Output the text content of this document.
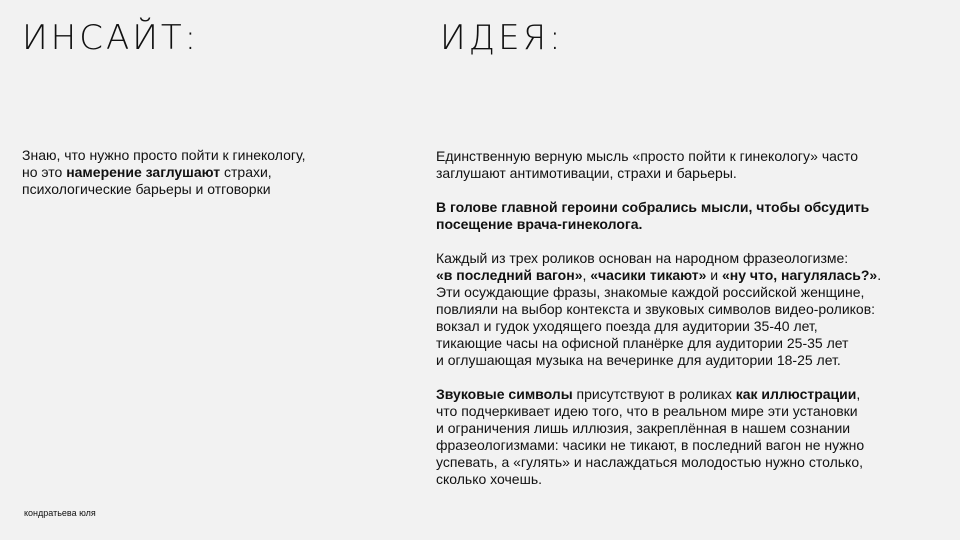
ИНСАЙТ:	ИДЕЯ:
Знаю, что нужно просто пойти к гинекологу,
но это намерение заглушают страхи,
психологические барьеры и отговорки

Единственную верную мысль «просто пойти к гинекологу» часто
заглушают антимотивации, страхи и барьеры.

В голове главной героини собрались мысли, чтобы обсудить
посещение врача-гинеколога.

Каждый из трех роликов основан на народном фразеологизме:
«в последний вагон», «часики тикают» и «ну что, нагулялась?».
Эти осуждающие фразы, знакомые каждой российской женщине,
повлияли на выбор контекста и звуковых символов видео-роликов:
вокзал и гудок уходящего поезда для аудитории 35-40 лет,
тикающие часы на офисной планёрке для аудитории 25-35 лет
и оглушающая музыка на вечеринке для аудитории 18-25 лет.

Звуковые символы присутствуют в роликах как иллюстрации,
что подчеркивает идею того, что в реальном мире эти установки
и ограничения лишь иллюзия, закреплённая в нашем сознании
фразеологизмами: часики не тикают, в последний вагон не нужно
успевать, а «гулять» и наслаждаться молодостью нужно столько,
сколько хочешь.

кондратьева юля
